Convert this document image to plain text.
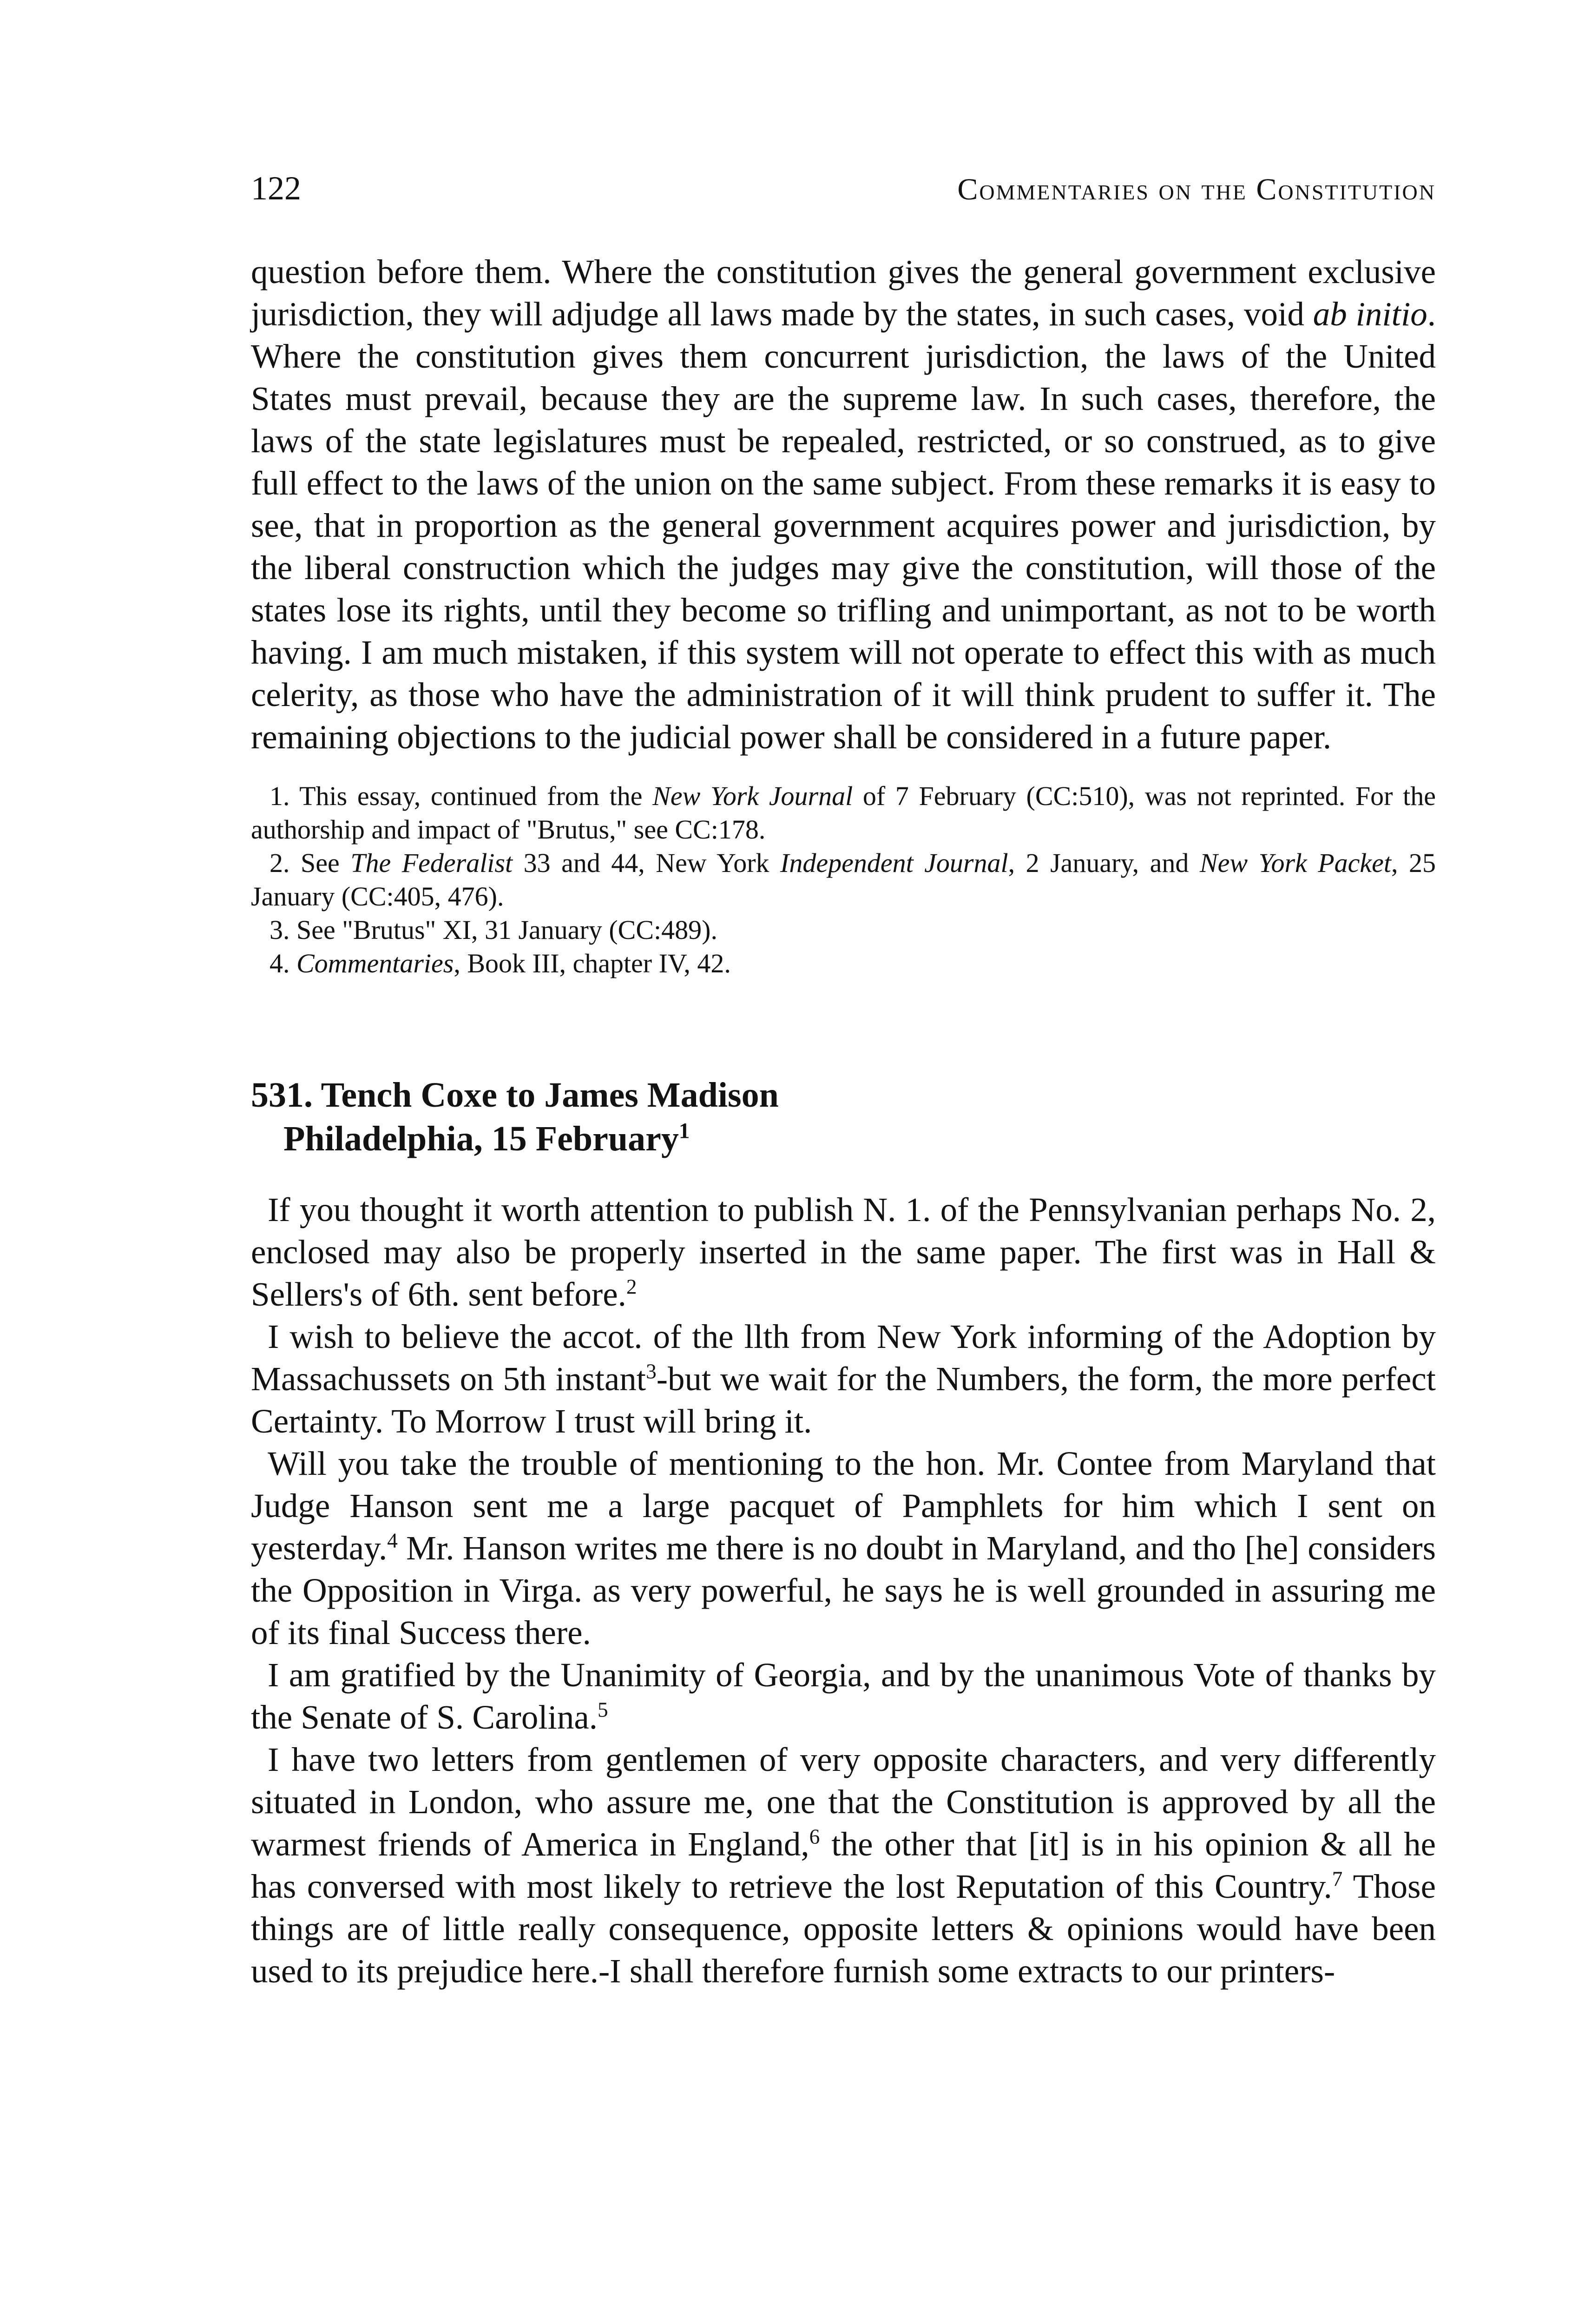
122	Commentaries on the Constitution

question before them. Where the constitution gives the general government exclusive jurisdiction, they will adjudge all laws made by the states, in such cases, void ab initio. Where the constitution gives them concurrent jurisdiction, the laws of the United States must prevail, because they are the supreme law. In such cases, therefore, the laws of the state legislatures must be repealed, restricted, or so construed, as to give full effect to the laws of the union on the same subject. From these remarks it is easy to see, that in proportion as the general government acquires power and jurisdiction, by the liberal construction which the judges may give the constitution, will those of the states lose its rights, until they become so trifling and unimportant, as not to be worth having. I am much mistaken, if this system will not operate to effect this with as much celerity, as those who have the administration of it will think prudent to suffer it. The remaining objections to the judicial power shall be considered in a future paper.

1. This essay, continued from the New York Journal of 7 February (CC:510), was not reprinted. For the authorship and impact of "Brutus," see CC:178.

2. See The Federalist 33 and 44, New York Independent Journal, 2 January, and New York Packet, 25 January (CC:405, 476).

3. See "Brutus" XI, 31 January (CC:489).

4. Commentaries, Book III, chapter IV, 42.

531. Tench Coxe to James Madison
Philadelphia, 15 February$^1$

If you thought it worth attention to publish N. 1. of the Pennsylvanian perhaps No. 2, enclosed may also be properly inserted in the same paper. The first was in Hall & Sellers's of 6th. sent before.$^2$

I wish to believe the accot. of the llth from New York informing of the Adoption by Massachussets on 5th instant$^3$-but we wait for the Numbers, the form, the more perfect Certainty. To Morrow I trust will bring it.

Will you take the trouble of mentioning to the hon. Mr. Contee from Maryland that Judge Hanson sent me a large pacquet of Pamphlets for him which I sent on yesterday.$^4$ Mr. Hanson writes me there is no doubt in Maryland, and tho [he] considers the Opposition in Virga. as very powerful, he says he is well grounded in assuring me of its final Success there.

I am gratified by the Unanimity of Georgia, and by the unanimous Vote of thanks by the Senate of S. Carolina.$^5$

I have two letters from gentlemen of very opposite characters, and very differently situated in London, who assure me, one that the Constitution is approved by all the warmest friends of America in England,$^6$ the other that [it] is in his opinion & all he has conversed with most likely to retrieve the lost Reputation of this Country.$^7$ Those things are of little really consequence, opposite letters & opinions would have been used to its prejudice here.-I shall therefore furnish some extracts to our printers-
